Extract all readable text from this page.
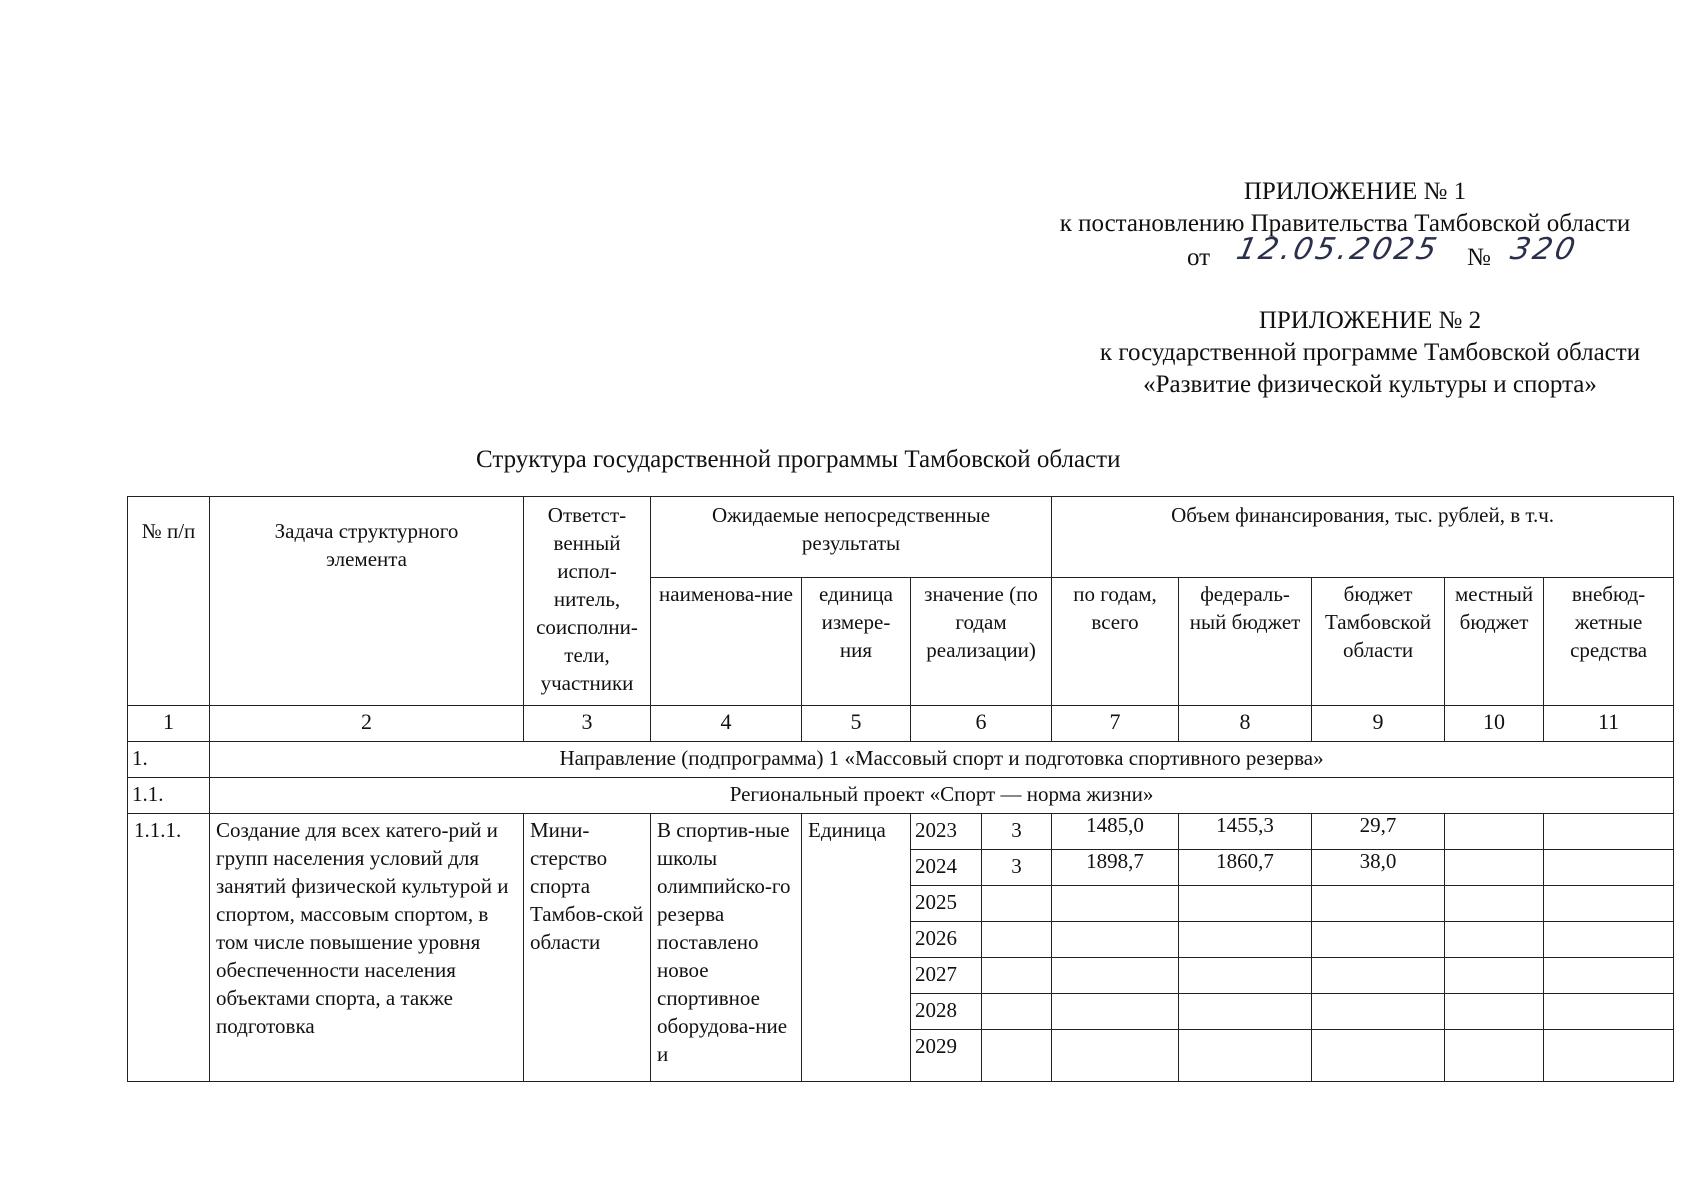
ПРИЛОЖЕНИЕ № 1
к постановлению Правительства Тамбовской области
от 12.05.2025 № 320
ПРИЛОЖЕНИЕ № 2
к государственной программе Тамбовской области
«Развитие физической культуры и спорта»
Структура государственной программы Тамбовской области
№ п/п	Задача структурного элемента	Ответст-венный испол-нитель, соисполни-тели, участники	Ожидаемые непосредственные результаты				Объем финансирования, тыс. рублей, в т.ч.				
			наименова-ние	единица измере-ния	значение (по годам реализации)		по годам, всего	федераль-ный бюджет	бюджет Тамбовской области	местный бюджет	внебюд-жетные средства
1	2	3	4	5	6		7	8	9	10	11
1.	Направление (подпрограмма) 1 «Массовый спорт и подготовка спортивного резерва»										
1.1.	Региональный проект «Спорт — норма жизни»										
1.1.1.	Создание для всех катего-рий и групп населения условий для занятий физической культурой и спортом, массовым спортом, в том числе повышение уровня обеспеченности населения объектами спорта, а также подготовка	Мини-стерство спорта Тамбов-ской области	В спортив-ные школы олимпийско-го резерва поставлено новое спортивное оборудова-ние и	Единица	2023	3	1485,0	1455,3	29,7		
					2024	3	1898,7	1860,7	38,0		
					2025						
					2026						
					2027						
					2028						
					2029						
